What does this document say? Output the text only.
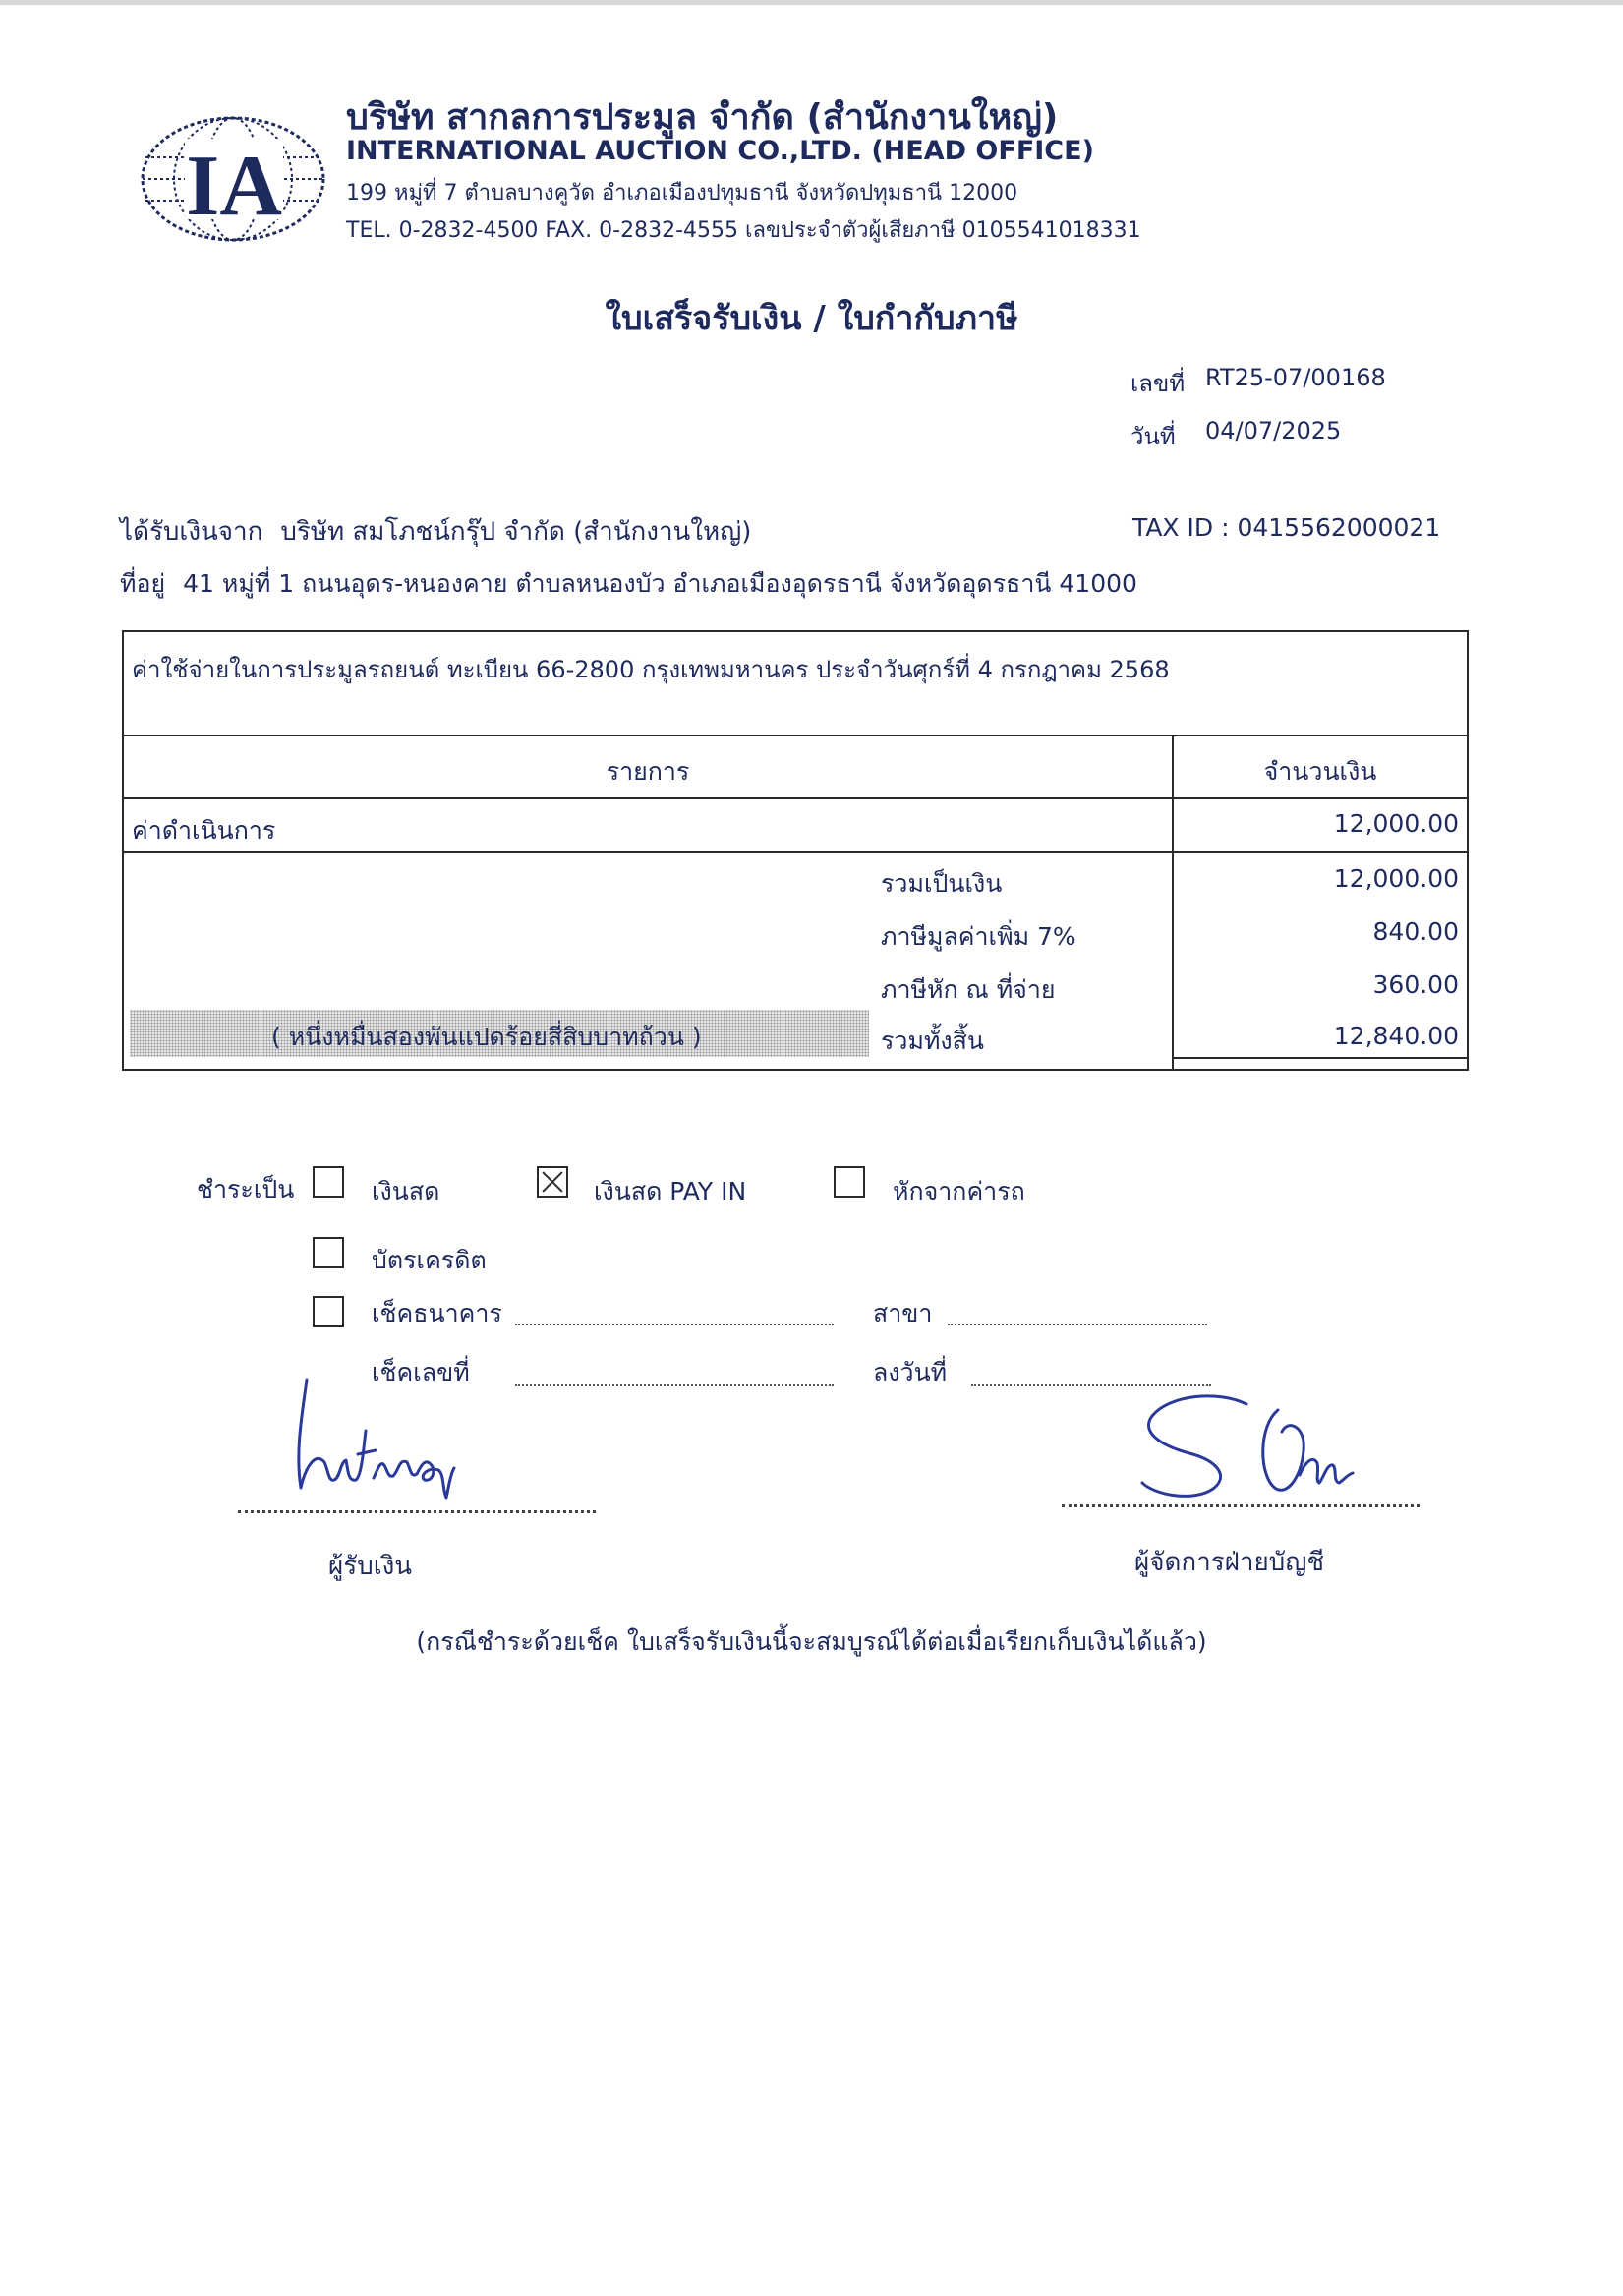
IA
บริษัท สากลการประมูล จำกัด (สำนักงานใหญ่)
INTERNATIONAL AUCTION CO.,LTD. (HEAD OFFICE)
199 หมู่ที่ 7 ตำบลบางคูวัด อำเภอเมืองปทุมธานี จังหวัดปทุมธานี 12000
TEL. 0-2832-4500 FAX. 0-2832-4555 เลขประจำตัวผู้เสียภาษี 0105541018331
ใบเสร็จรับเงิน / ใบกำกับภาษี
เลขที่ RT25-07/00168
วันที่ 04/07/2025
ได้รับเงินจาก บริษัท สมโภชน์กรุ๊ป จำกัด (สำนักงานใหญ่)	TAX ID : 0415562000021
ที่อยู่ 41 หมู่ที่ 1 ถนนอุดร-หนองคาย ตำบลหนองบัว อำเภอเมืองอุดรธานี จังหวัดอุดรธานี 41000
ค่าใช้จ่ายในการประมูลรถยนต์ ทะเบียน 66-2800 กรุงเทพมหานคร ประจำวันศุกร์ที่ 4 กรกฎาคม 2568
รายการ	จำนวนเงิน
ค่าดำเนินการ	12,000.00
รวมเป็นเงิน	12,000.00
ภาษีมูลค่าเพิ่ม 7%	840.00
ภาษีหัก ณ ที่จ่าย	360.00
( หนึ่งหมื่นสองพันแปดร้อยสี่สิบบาทถ้วน )	รวมทั้งสิ้น	12,840.00
ชำระเป็น	เงินสด	เงินสด PAY IN	หักจากค่ารถ
บัตรเครดิต
เช็คธนาคาร	สาขา
เช็คเลขที่	ลงวันที่
ผู้รับเงิน	ผู้จัดการฝ่ายบัญชี
(กรณีชำระด้วยเช็ค ใบเสร็จรับเงินนี้จะสมบูรณ์ได้ต่อเมื่อเรียกเก็บเงินได้แล้ว)
